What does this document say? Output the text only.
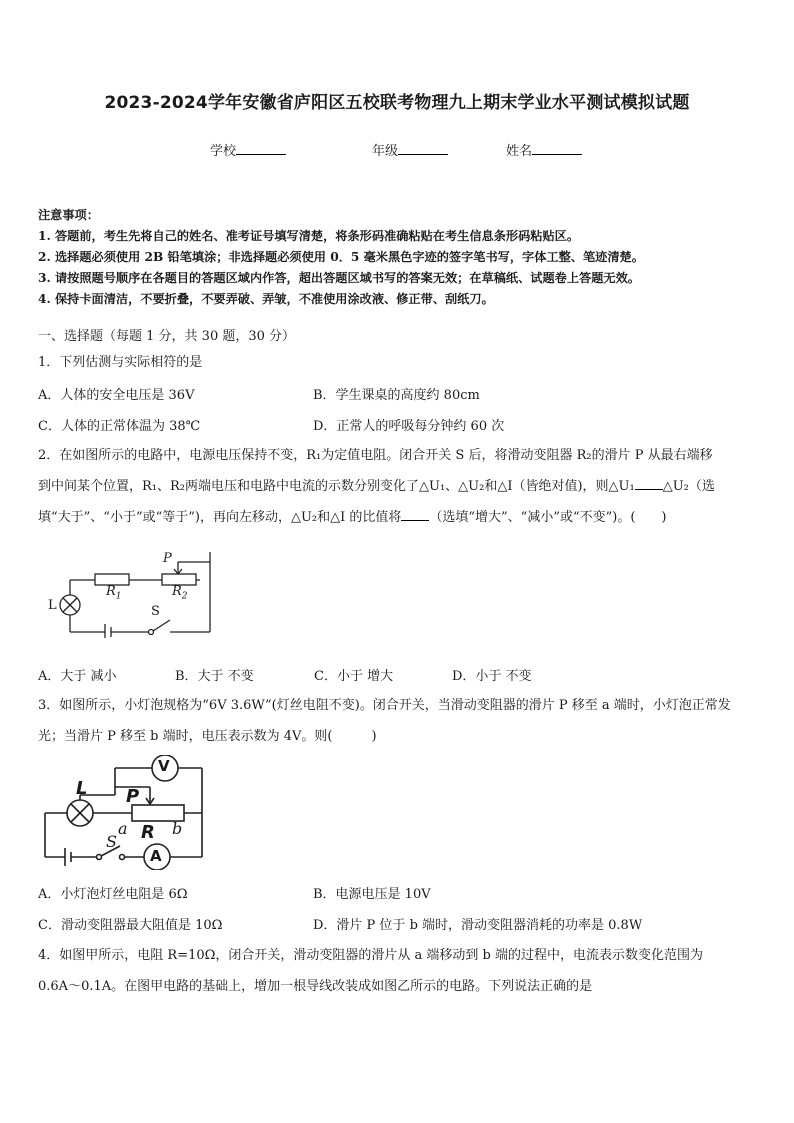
2023-2024学年安徽省庐阳区五校联考物理九上期末学业水平测试模拟试题
学校	年级	姓名
注意事项：
1. 答题前，考生先将自己的姓名、准考证号填写清楚，将条形码准确粘贴在考生信息条形码粘贴区。
2. 选择题必须使用 2B 铅笔填涂；非选择题必须使用 0．5 毫米黑色字迹的签字笔书写，字体工整、笔迹清楚。
3. 请按照题号顺序在各题目的答题区域内作答，超出答题区域书写的答案无效；在草稿纸、试题卷上答题无效。
4. 保持卡面清洁，不要折叠，不要弄破、弄皱，不准使用涂改液、修正带、刮纸刀。
一、选择题（每题 1 分，共 30 题，30 分）
1．下列估测与实际相符的是
A．人体的安全电压是 36V	B．学生课桌的高度约 80cm
C．人体的正常体温为 38℃	D．正常人的呼吸每分钟约 60 次
2．在如图所示的电路中，电源电压保持不变，R₁为定值电阻。闭合开关 S 后，将滑动变阻器 R₂的滑片 P 从最右端移
到中间某个位置，R₁、R₂两端电压和电路中电流的示数分别变化了△U₁、△U₂和△I（皆绝对值)，则△U₁ △U₂（选
填“大于”、“小于”或“等于”)，再向左移动，△U₂和△I 的比值将 （选填“增大”、“减小”或“不变”)。(　　)
P
$R_1$	$R_2$
S
L
A．大于 减小	B．大于 不变	C．小于 增大	D．小于 不变
3．如图所示，小灯泡规格为“6V 3.6W”(灯丝电阻不变)。闭合开关，当滑动变阻器的滑片 P 移至 a 端时，小灯泡正常发
光；当滑片 P 移至 b 端时，电压表示数为 4V。则(　　　)
V
L P
a R b
S
A
A．小灯泡灯丝电阻是 6Ω	B．电源电压是 10V
C．滑动变阻器最大阻值是 10Ω	D．滑片 P 位于 b 端时，滑动变阻器消耗的功率是 0.8W
4．如图甲所示，电阻 R=10Ω，闭合开关，滑动变阻器的滑片从 a 端移动到 b 端的过程中，电流表示数变化范围为
0.6A～0.1A。在图甲电路的基础上，增加一根导线改装成如图乙所示的电路。下列说法正确的是
